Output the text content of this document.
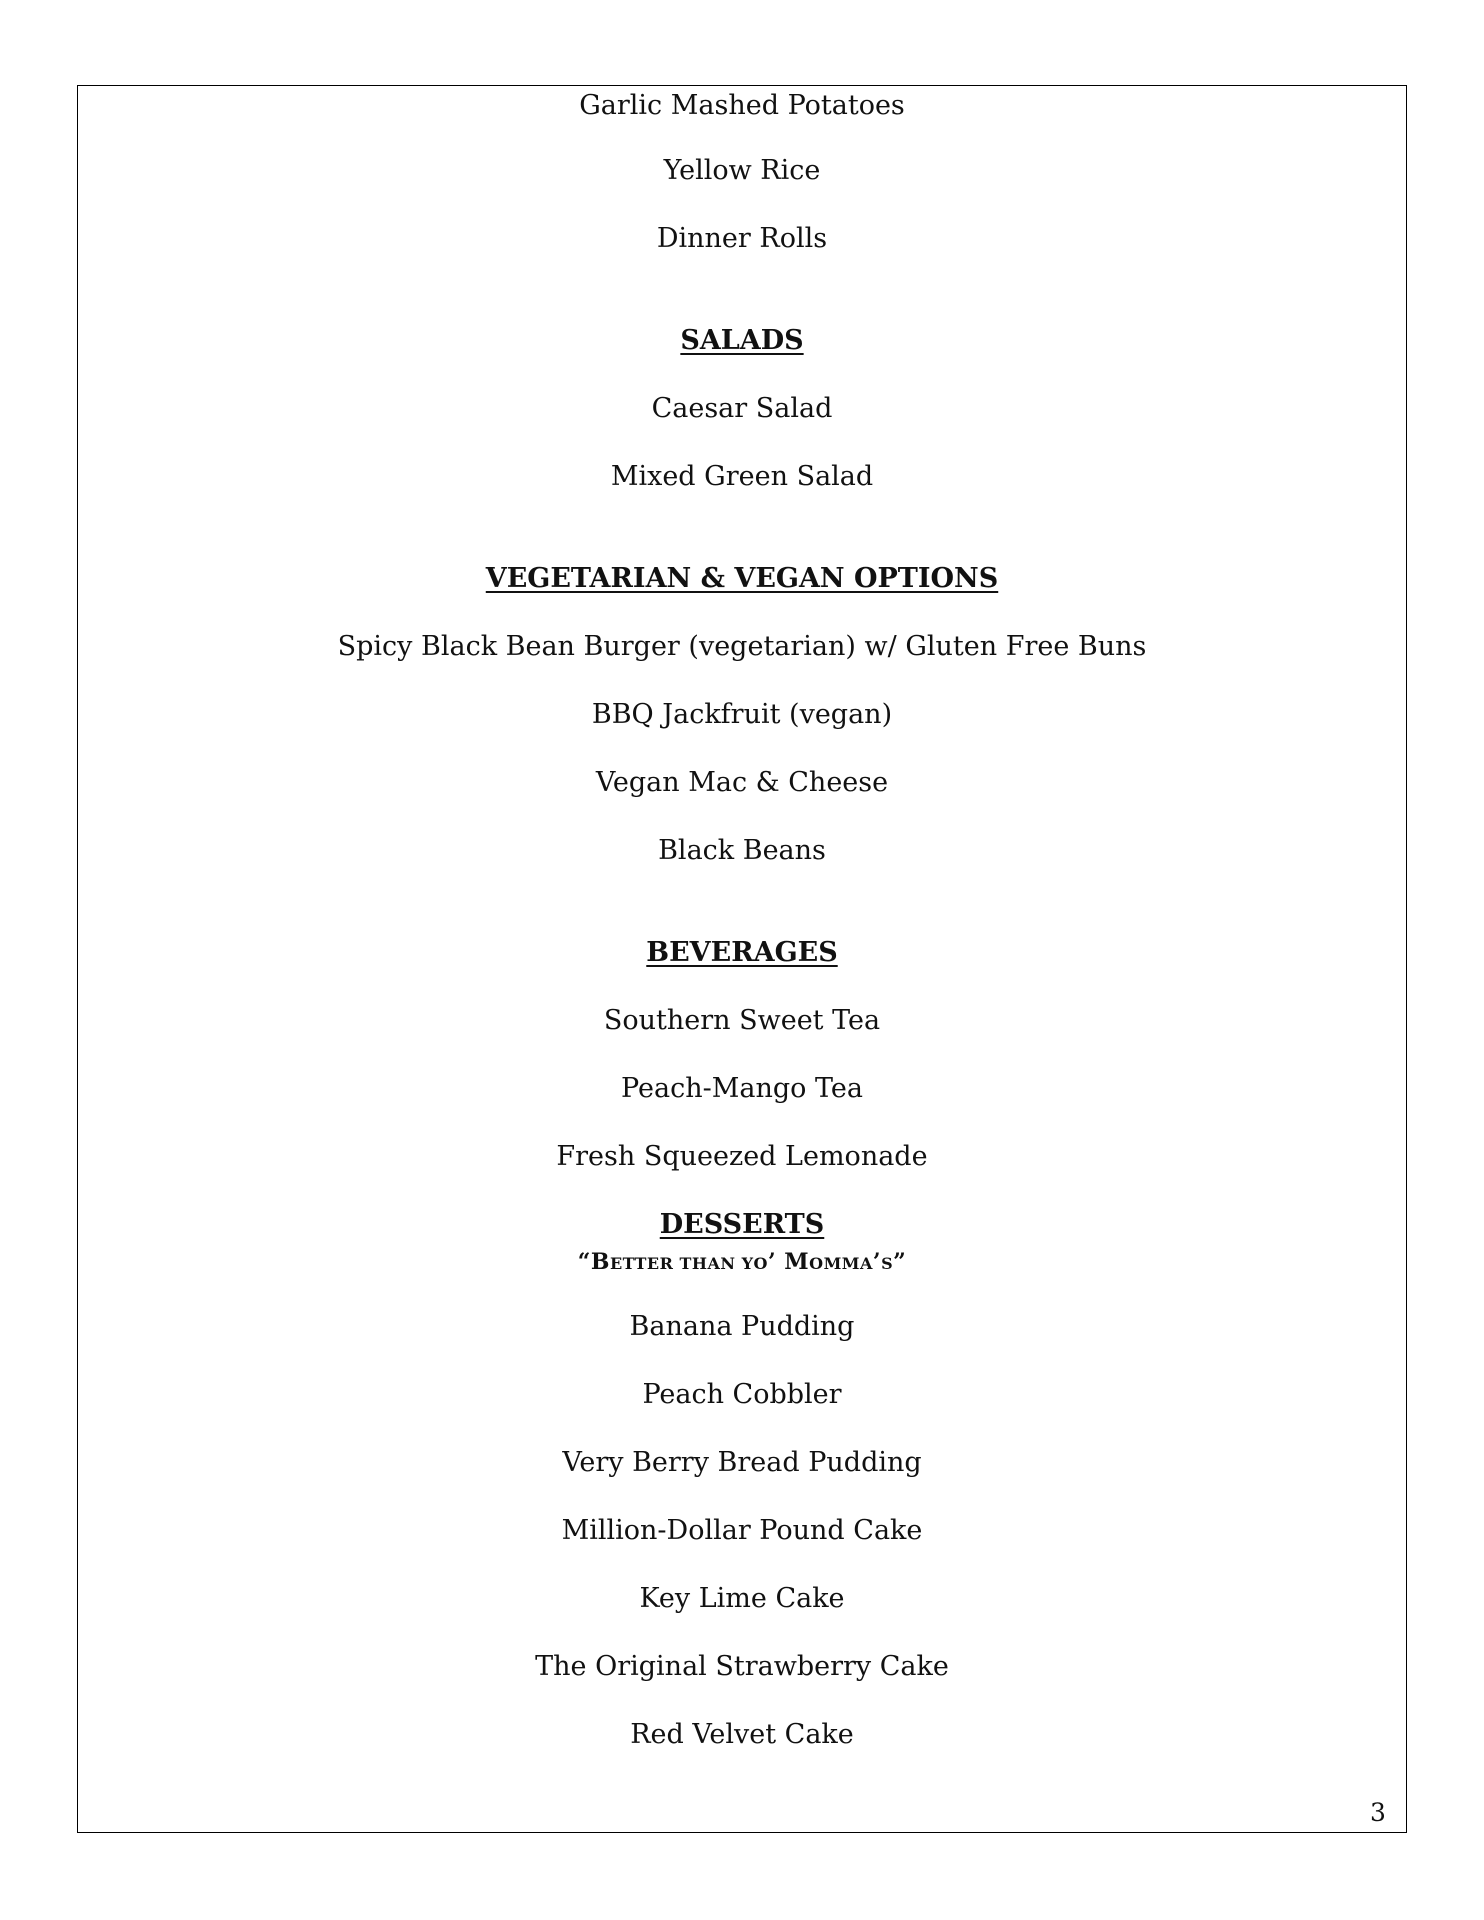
Garlic Mashed Potatoes
Yellow Rice
Dinner Rolls
SALADS
Caesar Salad
Mixed Green Salad
VEGETARIAN & VEGAN OPTIONS
Spicy Black Bean Burger (vegetarian) w/ Gluten Free Buns
BBQ Jackfruit (vegan)
Vegan Mac & Cheese
Black Beans
BEVERAGES
Southern Sweet Tea
Peach-Mango Tea
Fresh Squeezed Lemonade
DESSERTS
“BETTER THAN YO’ MOMMA’S”
Banana Pudding
Peach Cobbler
Very Berry Bread Pudding
Million-Dollar Pound Cake
Key Lime Cake
The Original Strawberry Cake
Red Velvet Cake
3
